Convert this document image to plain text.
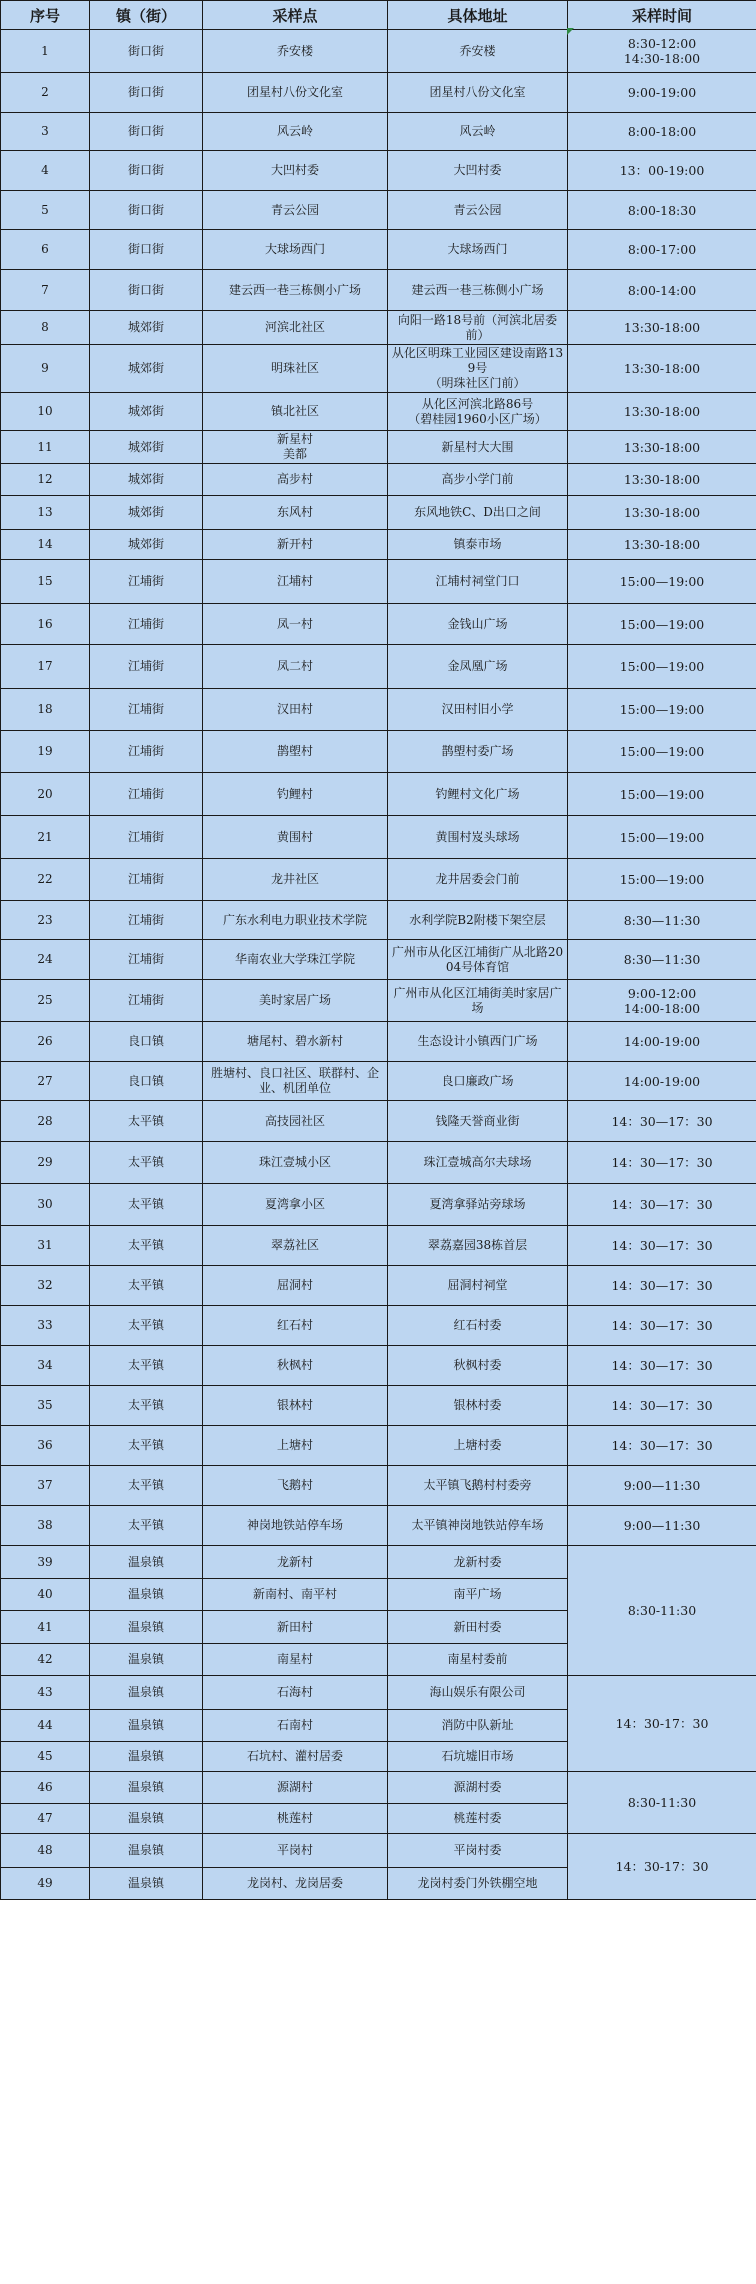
序号	镇（街）	采样点	具体地址	采样时间
1	街口街	乔安楼	乔安楼	8:30-12:00
14:30-18:00
2	街口街	团星村八份文化室	团星村八份文化室	9:00-19:00
3	街口街	风云岭	风云岭	8:00-18:00
4	街口街	大凹村委	大凹村委	13：00-19:00
5	街口街	青云公园	青云公园	8:00-18:30
6	街口街	大球场西门	大球场西门	8:00-17:00
7	街口街	建云西一巷三栋侧小广场	建云西一巷三栋侧小广场	8:00-14:00
8	城郊街	河滨北社区	向阳一路18号前（河滨北居委前）	13:30-18:00
9	城郊街	明珠社区	从化区明珠工业园区建设南路139号
（明珠社区门前）	13:30-18:00
10	城郊街	镇北社区	从化区河滨北路86号
（碧桂园1960小区广场）	13:30-18:00
11	城郊街	新星村
美都	新星村大大围	13:30-18:00
12	城郊街	高步村	高步小学门前	13:30-18:00
13	城郊街	东风村	东风地铁C、D出口之间	13:30-18:00
14	城郊街	新开村	镇泰市场	13:30-18:00
15	江埔街	江埔村	江埔村祠堂门口	15:00—19:00
16	江埔街	凤一村	金钱山广场	15:00—19:00
17	江埔街	凤二村	金凤凰广场	15:00—19:00
18	江埔街	汉田村	汉田村旧小学	15:00—19:00
19	江埔街	鹊塱村	鹊塱村委广场	15:00—19:00
20	江埔街	钓鲤村	钓鲤村文化广场	15:00—19:00
21	江埔街	黄围村	黄围村岌头球场	15:00—19:00
22	江埔街	龙井社区	龙井居委会门前	15:00—19:00
23	江埔街	广东水利电力职业技术学院	水利学院B2附楼下架空层	8:30—11:30
24	江埔街	华南农业大学珠江学院	广州市从化区江埔街广从北路2004号体育馆	8:30—11:30
25	江埔街	美时家居广场	广州市从化区江埔街美时家居广场	9:00-12:00
14:00-18:00
26	良口镇	塘尾村、碧水新村	生态设计小镇西门广场	14:00-19:00
27	良口镇	胜塘村、良口社区、联群村、企业、机团单位	良口廉政广场	14:00-19:00
28	太平镇	高技园社区	钱隆天誉商业街	14：30—17：30
29	太平镇	珠江壹城小区	珠江壹城高尔夫球场	14：30—17：30
30	太平镇	夏湾拿小区	夏湾拿驿站旁球场	14：30—17：30
31	太平镇	翠荔社区	翠荔嘉园38栋首层	14：30—17：30
32	太平镇	屈洞村	屈洞村祠堂	14：30—17：30
33	太平镇	红石村	红石村委	14：30—17：30
34	太平镇	秋枫村	秋枫村委	14：30—17：30
35	太平镇	银林村	银林村委	14：30—17：30
36	太平镇	上塘村	上塘村委	14：30—17：30
37	太平镇	飞鹅村	太平镇飞鹅村村委旁	9:00—11:30
38	太平镇	神岗地铁站停车场	太平镇神岗地铁站停车场	9:00—11:30
39	温泉镇	龙新村	龙新村委	8:30-11:30
40	温泉镇	新南村、南平村	南平广场	
41	温泉镇	新田村	新田村委	
42	温泉镇	南星村	南星村委前	
43	温泉镇	石海村	海山娱乐有限公司	14：30-17：30
44	温泉镇	石南村	消防中队新址	
45	温泉镇	石坑村、灌村居委	石坑墟旧市场	
46	温泉镇	源湖村	源湖村委	8:30-11:30
47	温泉镇	桃莲村	桃莲村委	
48	温泉镇	平岗村	平岗村委	14：30-17：30
49	温泉镇	龙岗村、龙岗居委	龙岗村委门外铁棚空地	
